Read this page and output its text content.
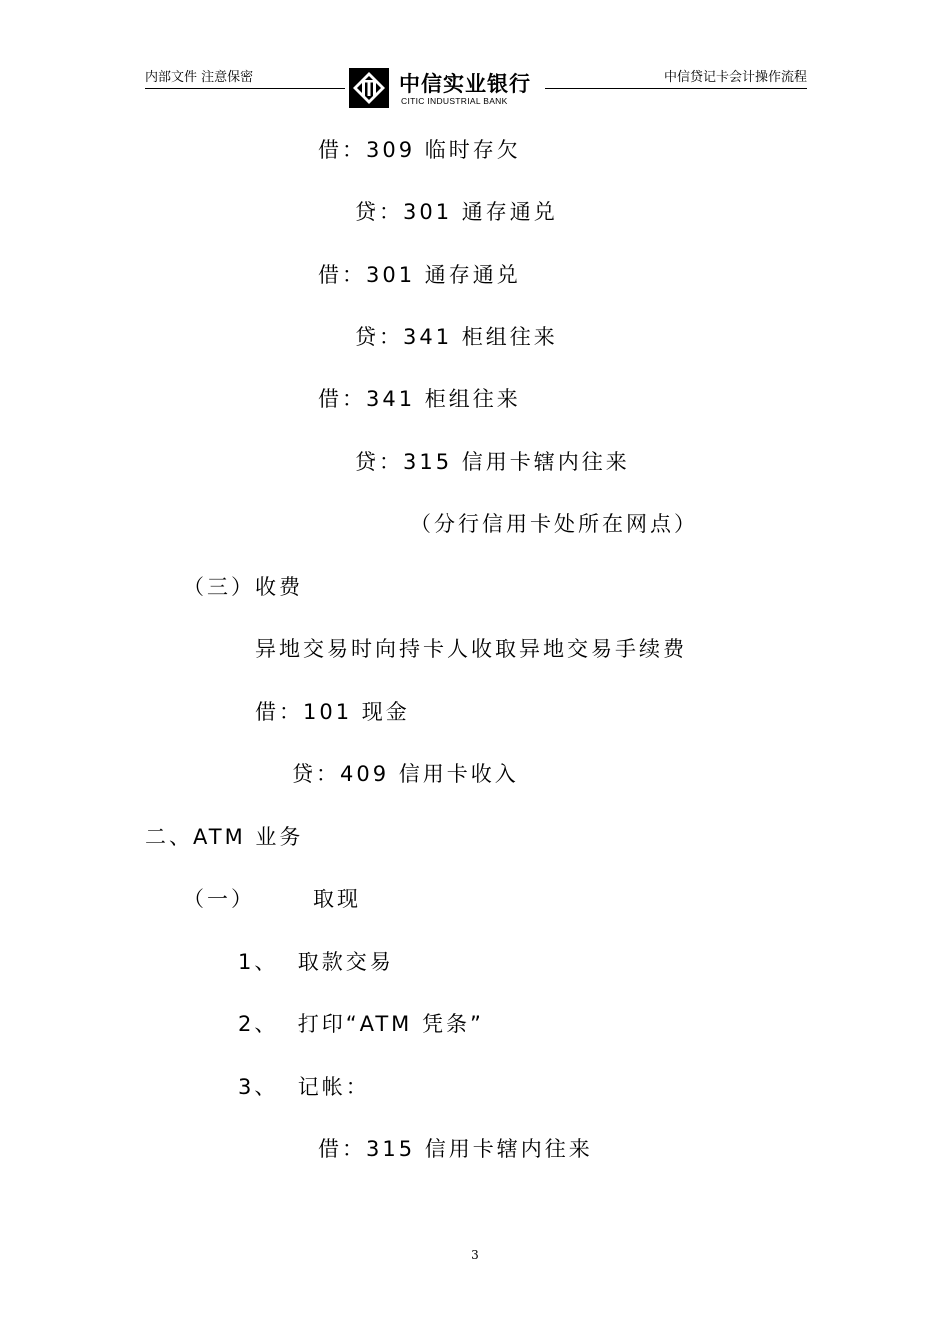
内部文件 注意保密	中信贷记卡会计操作流程
中信实业银行
CITIC INDUSTRIAL BANK
借：309 临时存欠
贷：301 通存通兑
借：301 通存通兑
贷：341 柜组往来
借：341 柜组往来
贷：315 信用卡辖内往来
（分行信用卡处所在网点）
（三）收费
异地交易时向持卡人收取异地交易手续费
借：101 现金
贷：409 信用卡收入
二、ATM 业务
（一）      取现
1、  取款交易
2、  打印“ATM 凭条”
3、  记帐：
借：315 信用卡辖内往来
3
